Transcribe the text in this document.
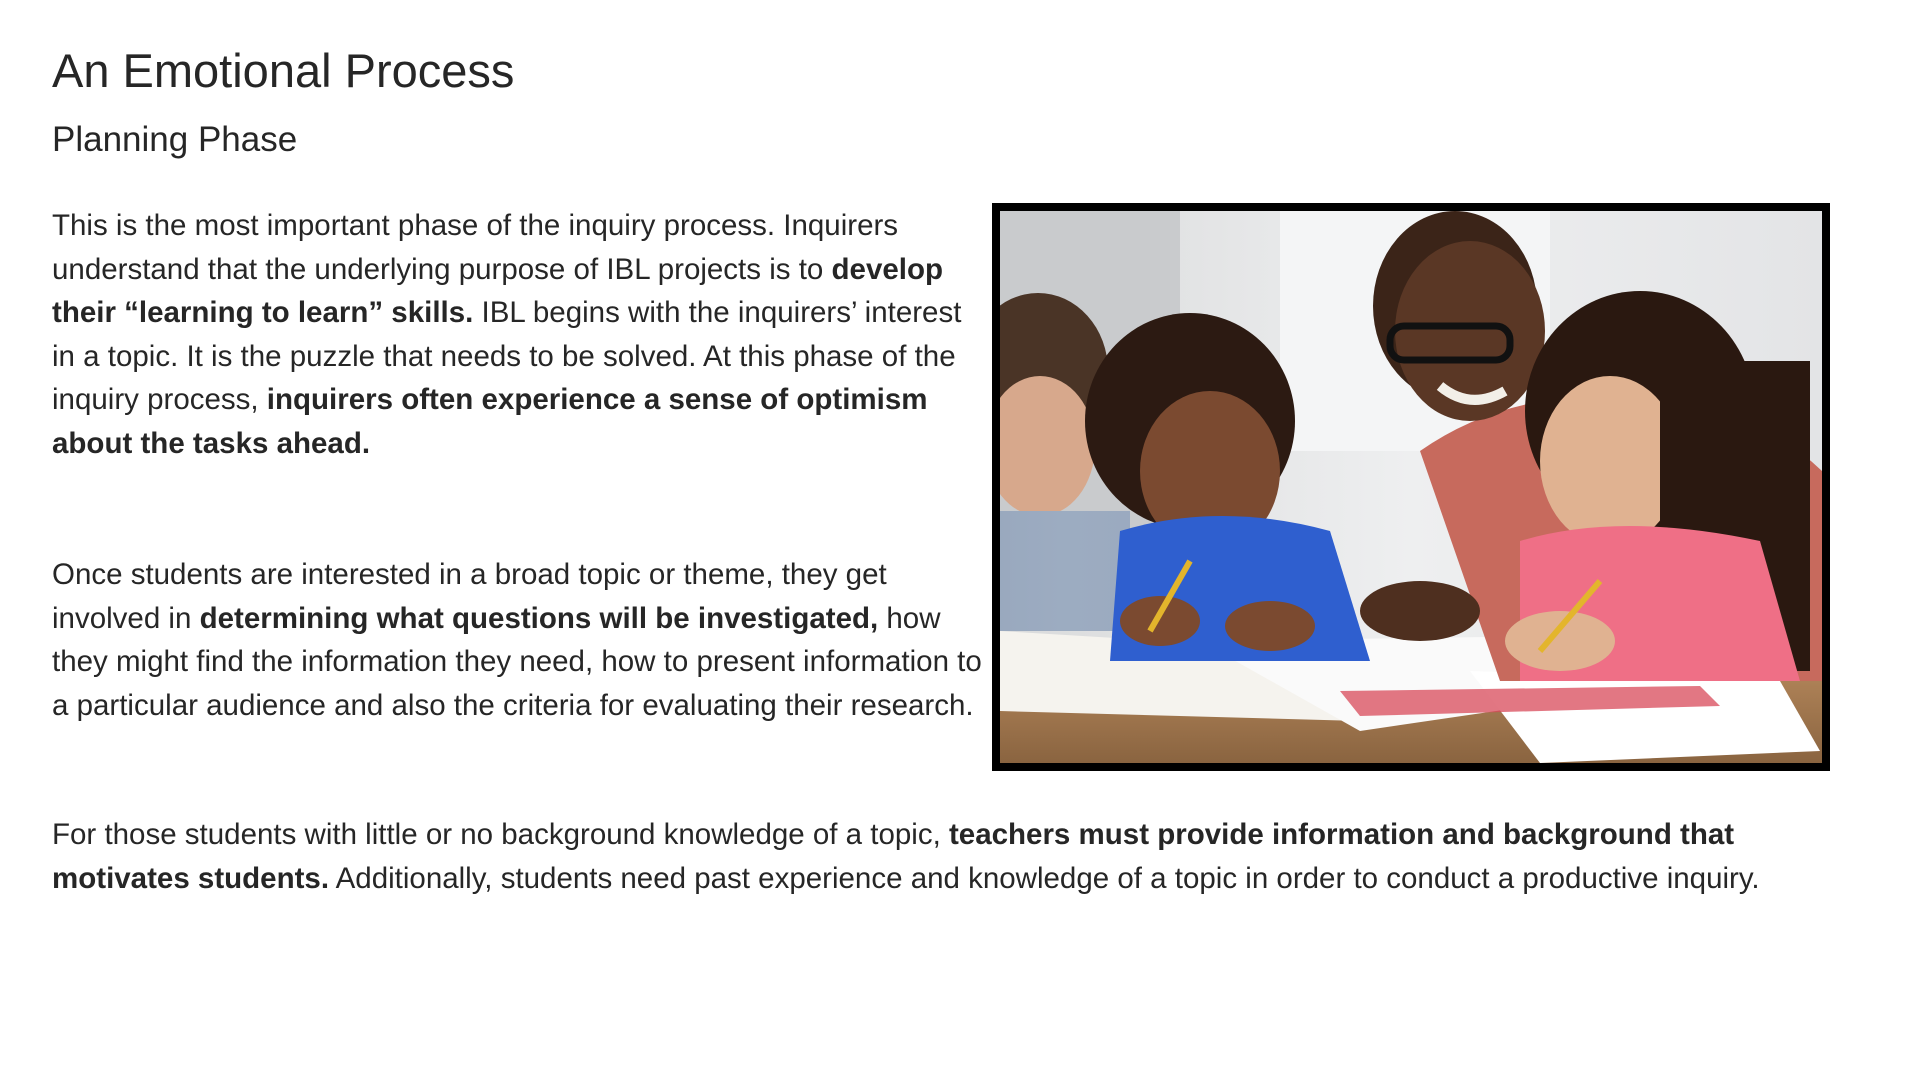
An Emotional Process
Planning Phase

This is the most important phase of the inquiry process. Inquirers understand that the underlying purpose of IBL projects is to develop their “learning to learn” skills. IBL begins with the inquirers’ interest in a topic. It is the puzzle that needs to be solved. At this phase of the inquiry process, inquirers often experience a sense of optimism about the tasks ahead.

Once students are interested in a broad topic or theme, they get involved in determining what questions will be investigated, how they might find the information they need, how to present information to a particular audience and also the criteria for evaluating their research.

For those students with little or no background knowledge of a topic, teachers must provide information and background that motivates students. Additionally, students need past experience and knowledge of a topic in order to conduct a productive inquiry.
